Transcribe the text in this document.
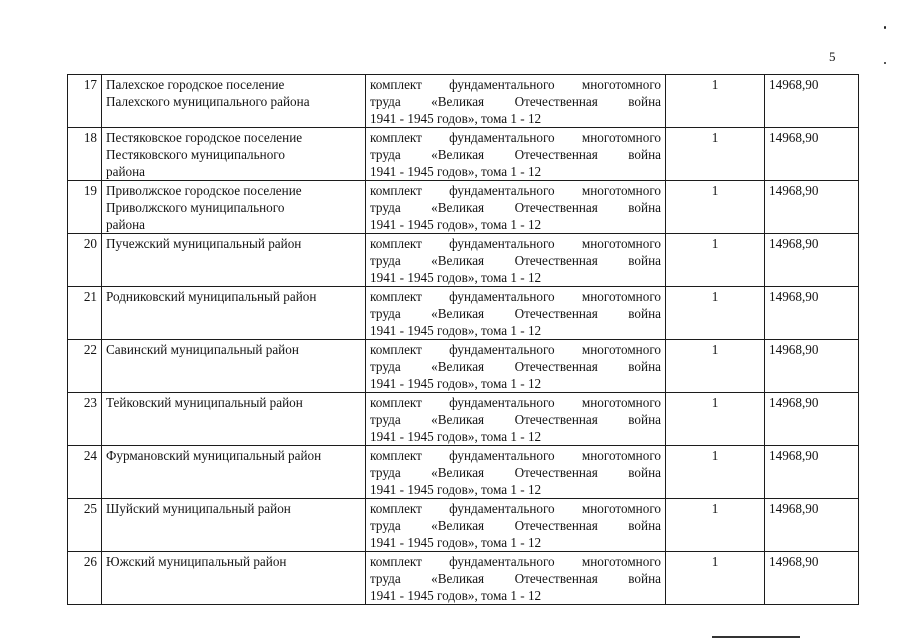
5
17	Палехское городское поселение
Палехского муниципального района	комплект фундаментального многотомного
труда «Великая Отечественная война
1941 - 1945 годов», тома 1 - 12	1	14968,90
18	Пестяковское городское поселение
Пестяковского муниципального
района	комплект фундаментального многотомного
труда «Великая Отечественная война
1941 - 1945 годов», тома 1 - 12	1	14968,90
19	Приволжское городское поселение
Приволжского муниципального
района	комплект фундаментального многотомного
труда «Великая Отечественная война
1941 - 1945 годов», тома 1 - 12	1	14968,90
20	Пучежский муниципальный район	комплект фундаментального многотомного
труда «Великая Отечественная война
1941 - 1945 годов», тома 1 - 12	1	14968,90
21	Родниковский муниципальный район	комплект фундаментального многотомного
труда «Великая Отечественная война
1941 - 1945 годов», тома 1 - 12	1	14968,90
22	Савинский муниципальный район	комплект фундаментального многотомного
труда «Великая Отечественная война
1941 - 1945 годов», тома 1 - 12	1	14968,90
23	Тейковский муниципальный район	комплект фундаментального многотомного
труда «Великая Отечественная война
1941 - 1945 годов», тома 1 - 12	1	14968,90
24	Фурмановский муниципальный район	комплект фундаментального многотомного
труда «Великая Отечественная война
1941 - 1945 годов», тома 1 - 12	1	14968,90
25	Шуйский муниципальный район	комплект фундаментального многотомного
труда «Великая Отечественная война
1941 - 1945 годов», тома 1 - 12	1	14968,90
26	Южский муниципальный район	комплект фундаментального многотомного
труда «Великая Отечественная война
1941 - 1945 годов», тома 1 - 12	1	14968,90
